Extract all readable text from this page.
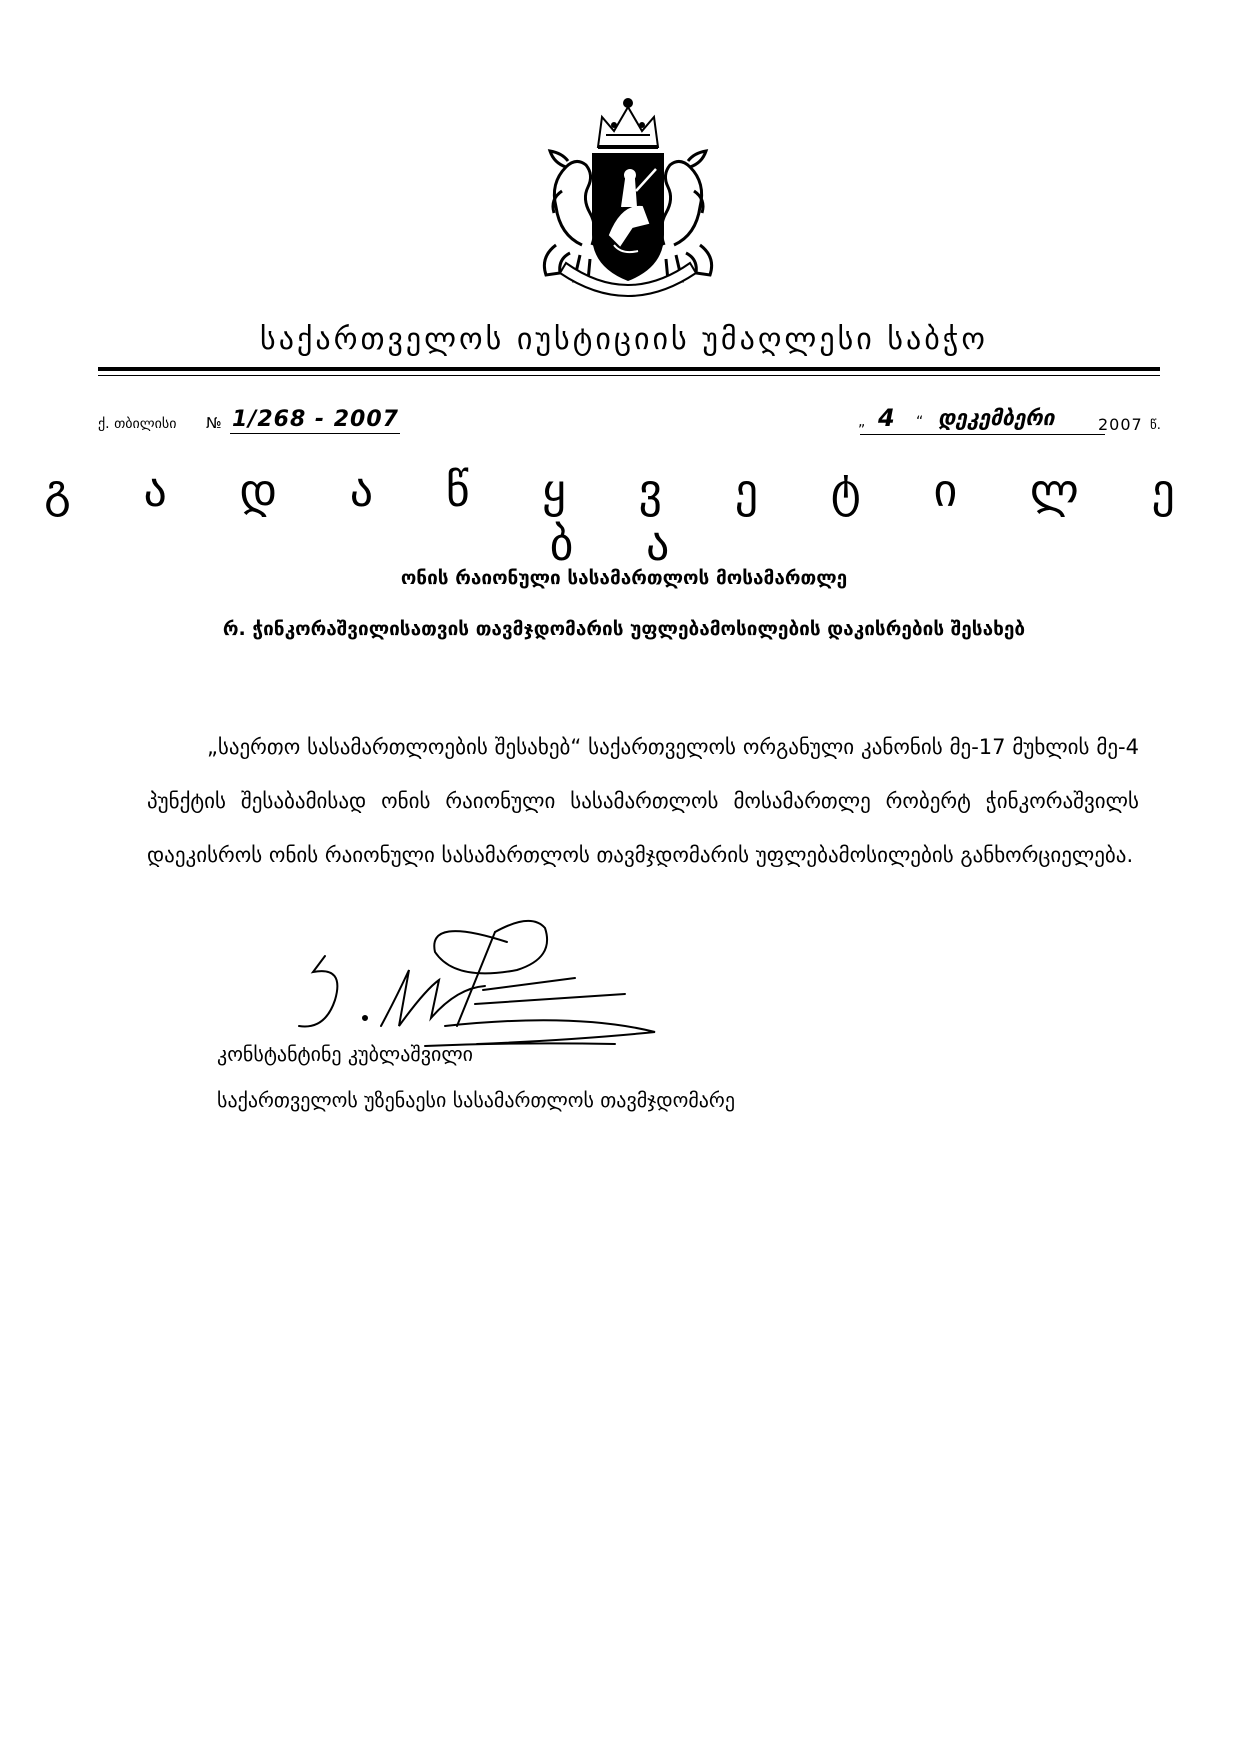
საქართველოს იუსტიციის უმაღლესი საბჭო
ქ. თბილისი № 1/268 - 2007	„ 4 “ დეკემბერი	2007 წ.
გ ა დ ა წ ყ ვ ე ტ ი ლ ე ბ ა
ონის რაიონული სასამართლოს მოსამართლე
რ. ჭინკორაშვილისათვის თავმჯდომარის უფლებამოსილების დაკისრების შესახებ
„საერთო სასამართლოების შესახებ“ საქართველოს ორგანული კანონის მე-17 მუხლის მე-4 პუნქტის შესაბამისად ონის რაიონული სასამართლოს მოსამართლე რობერტ ჭინკორაშვილს დაეკისროს ონის რაიონული სასამართლოს თავმჯდომარის უფლებამოსილების განხორციელება.
კონსტანტინე კუბლაშვილი
საქართველოს უზენაესი სასამართლოს თავმჯდომარე
